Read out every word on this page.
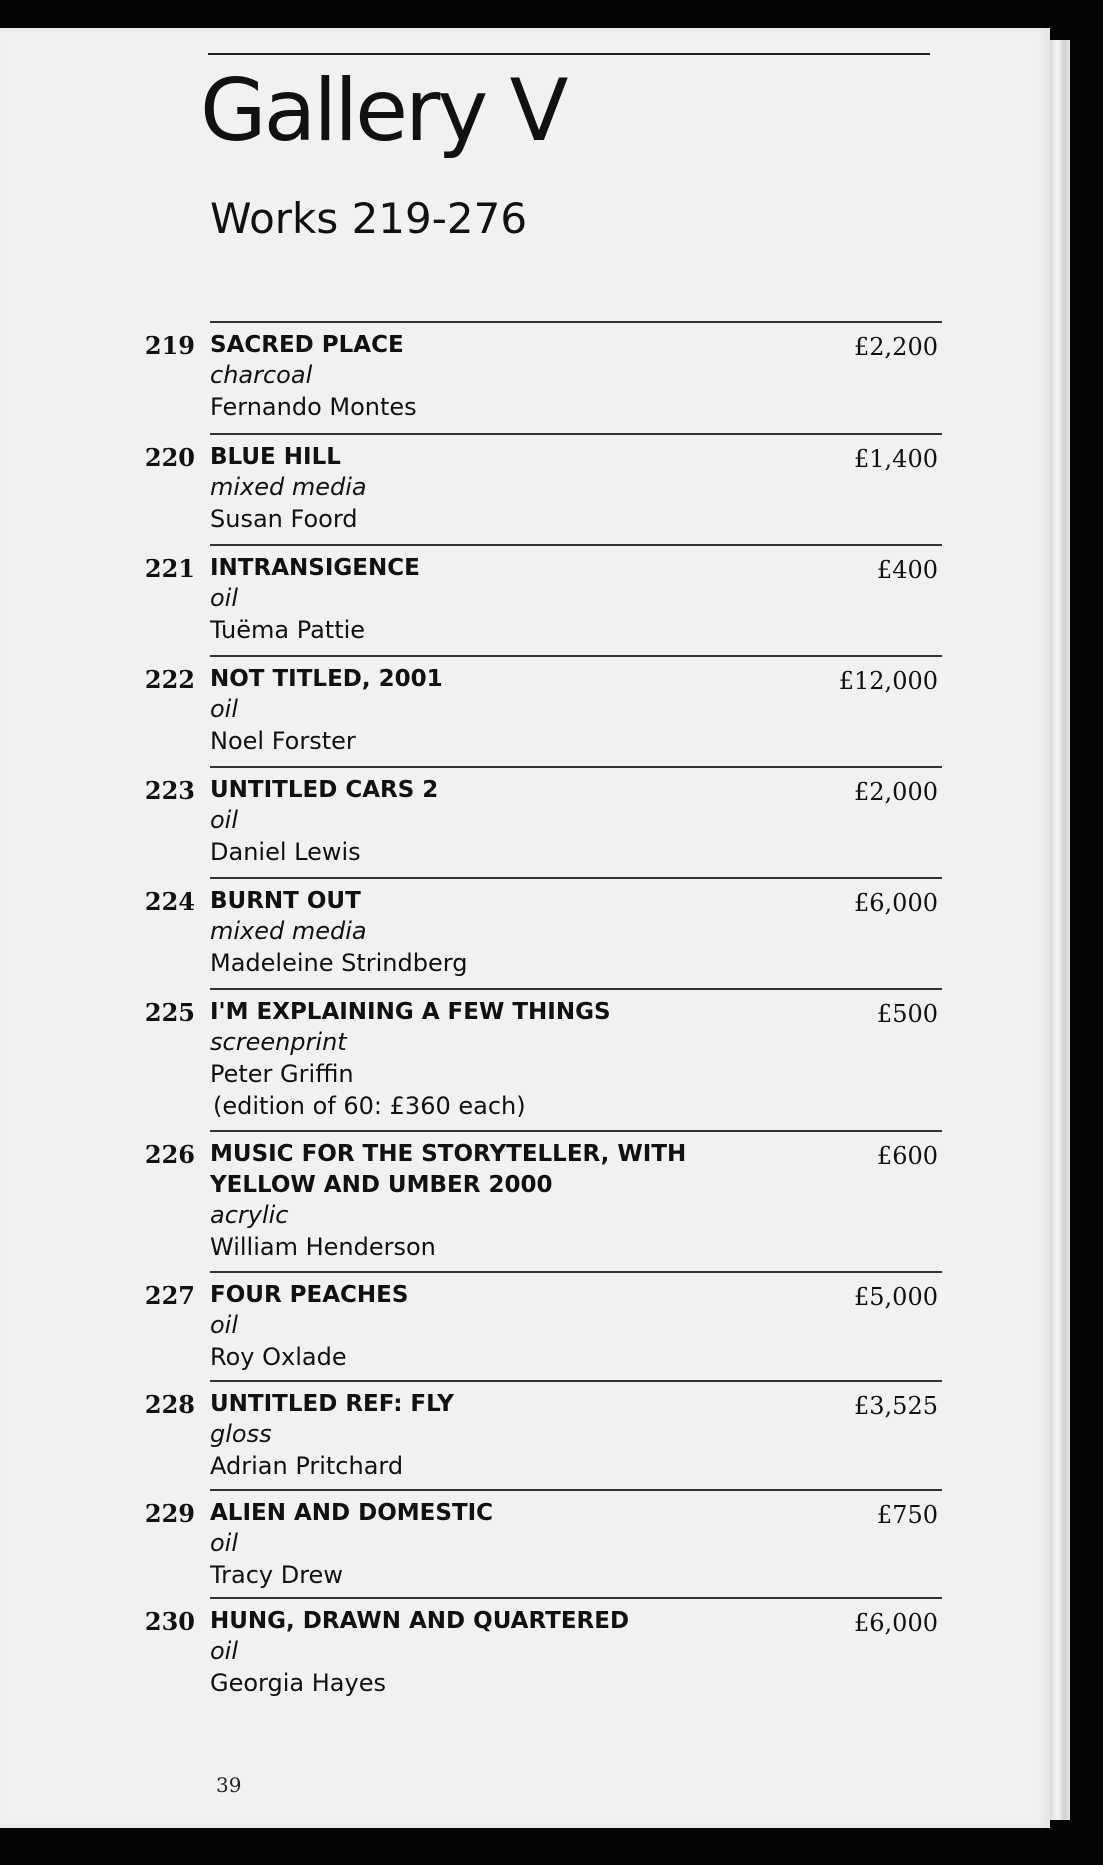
Gallery V
Works 219-276
219 SACRED PLACE
charcoal
Fernando Montes
£2,200
220 BLUE HILL
mixed media
Susan Foord
£1,400
221 INTRANSIGENCE
oil
Tuëma Pattie
£400
222 NOT TITLED, 2001
oil
Noel Forster
£12,000
223 UNTITLED CARS 2
oil
Daniel Lewis
£2,000
224 BURNT OUT
mixed media
Madeleine Strindberg
£6,000
225 I'M EXPLAINING A FEW THINGS
screenprint
Peter Griffin
(edition of 60: £360 each)
£500
226 MUSIC FOR THE STORYTELLER, WITH YELLOW AND UMBER 2000
acrylic
William Henderson
£600
227 FOUR PEACHES
oil
Roy Oxlade
£5,000
228 UNTITLED REF: FLY
gloss
Adrian Pritchard
£3,525
229 ALIEN AND DOMESTIC
oil
Tracy Drew
£750
230 HUNG, DRAWN AND QUARTERED
oil
Georgia Hayes
£6,000
39
